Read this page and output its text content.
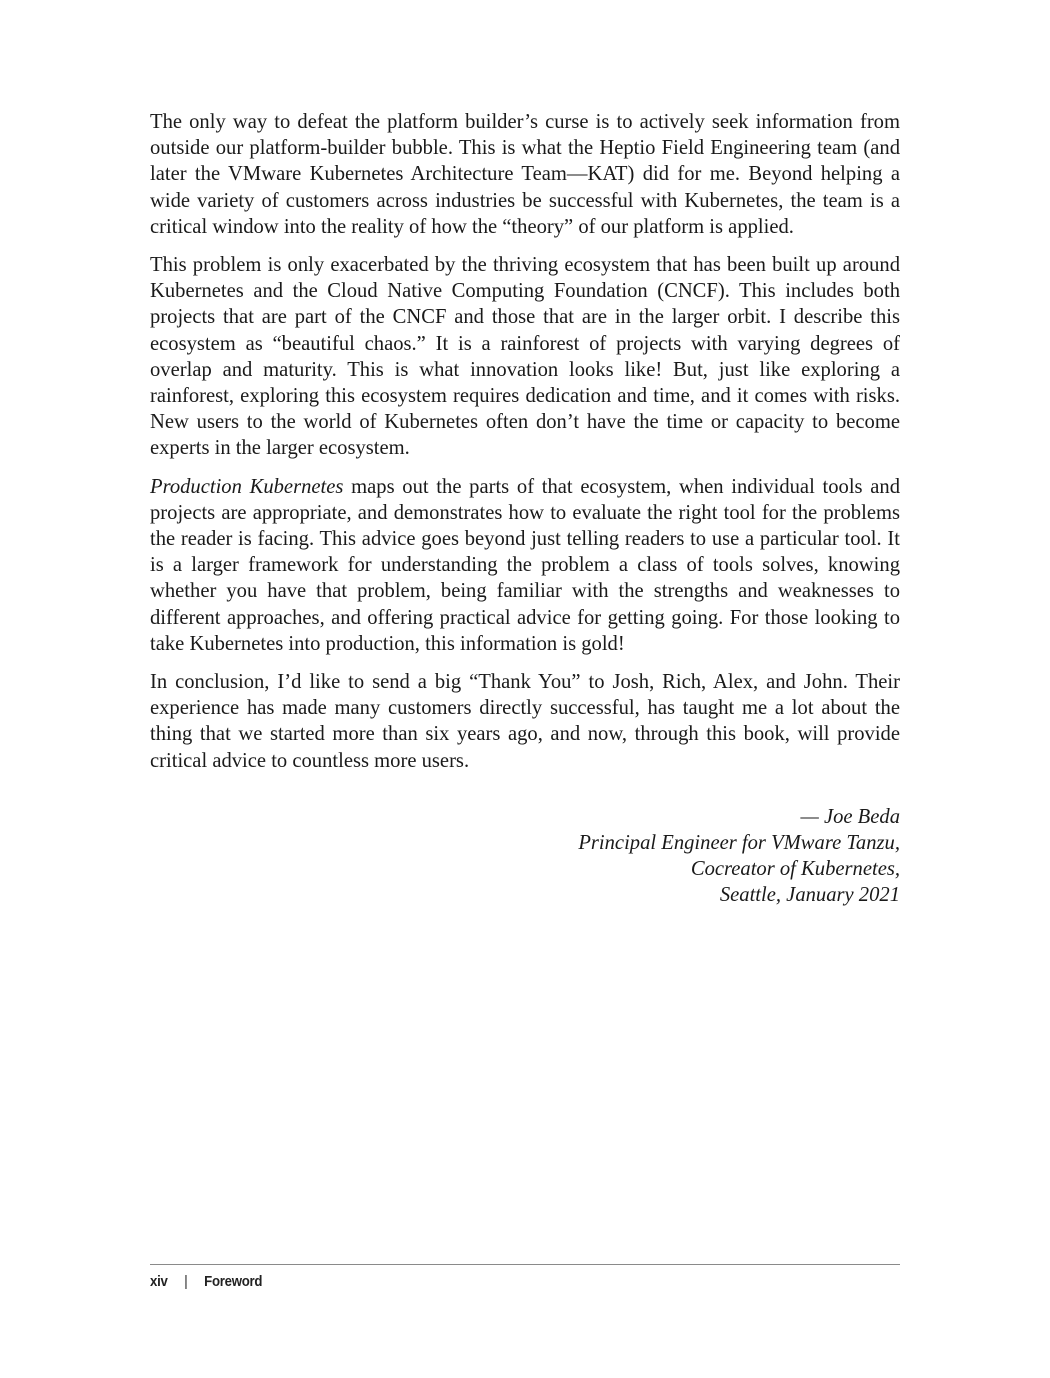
The only way to defeat the platform builder’s curse is to actively seek information from outside our platform-builder bubble. This is what the Heptio Field Engineering team (and later the VMware Kubernetes Architecture Team—KAT) did for me. Beyond helping a wide variety of customers across industries be successful with Kubernetes, the team is a critical window into the reality of how the “theory” of our platform is applied.

This problem is only exacerbated by the thriving ecosystem that has been built up around Kubernetes and the Cloud Native Computing Foundation (CNCF). This includes both projects that are part of the CNCF and those that are in the larger orbit. I describe this ecosystem as “beautiful chaos.” It is a rainforest of projects with varying degrees of overlap and maturity. This is what innovation looks like! But, just like exploring a rainforest, exploring this ecosystem requires dedication and time, and it comes with risks. New users to the world of Kubernetes often don’t have the time or capacity to become experts in the larger ecosystem.

Production Kubernetes maps out the parts of that ecosystem, when individual tools and projects are appropriate, and demonstrates how to evaluate the right tool for the problems the reader is facing. This advice goes beyond just telling readers to use a particular tool. It is a larger framework for understanding the problem a class of tools solves, knowing whether you have that problem, being familiar with the strengths and weaknesses to different approaches, and offering practical advice for getting going. For those looking to take Kubernetes into production, this information is gold!

In conclusion, I’d like to send a big “Thank You” to Josh, Rich, Alex, and John. Their experience has made many customers directly successful, has taught me a lot about the thing that we started more than six years ago, and now, through this book, will provide critical advice to countless more users.

— Joe Beda
Principal Engineer for VMware Tanzu,
Cocreator of Kubernetes,
Seattle, January 2021
xiv | Foreword
